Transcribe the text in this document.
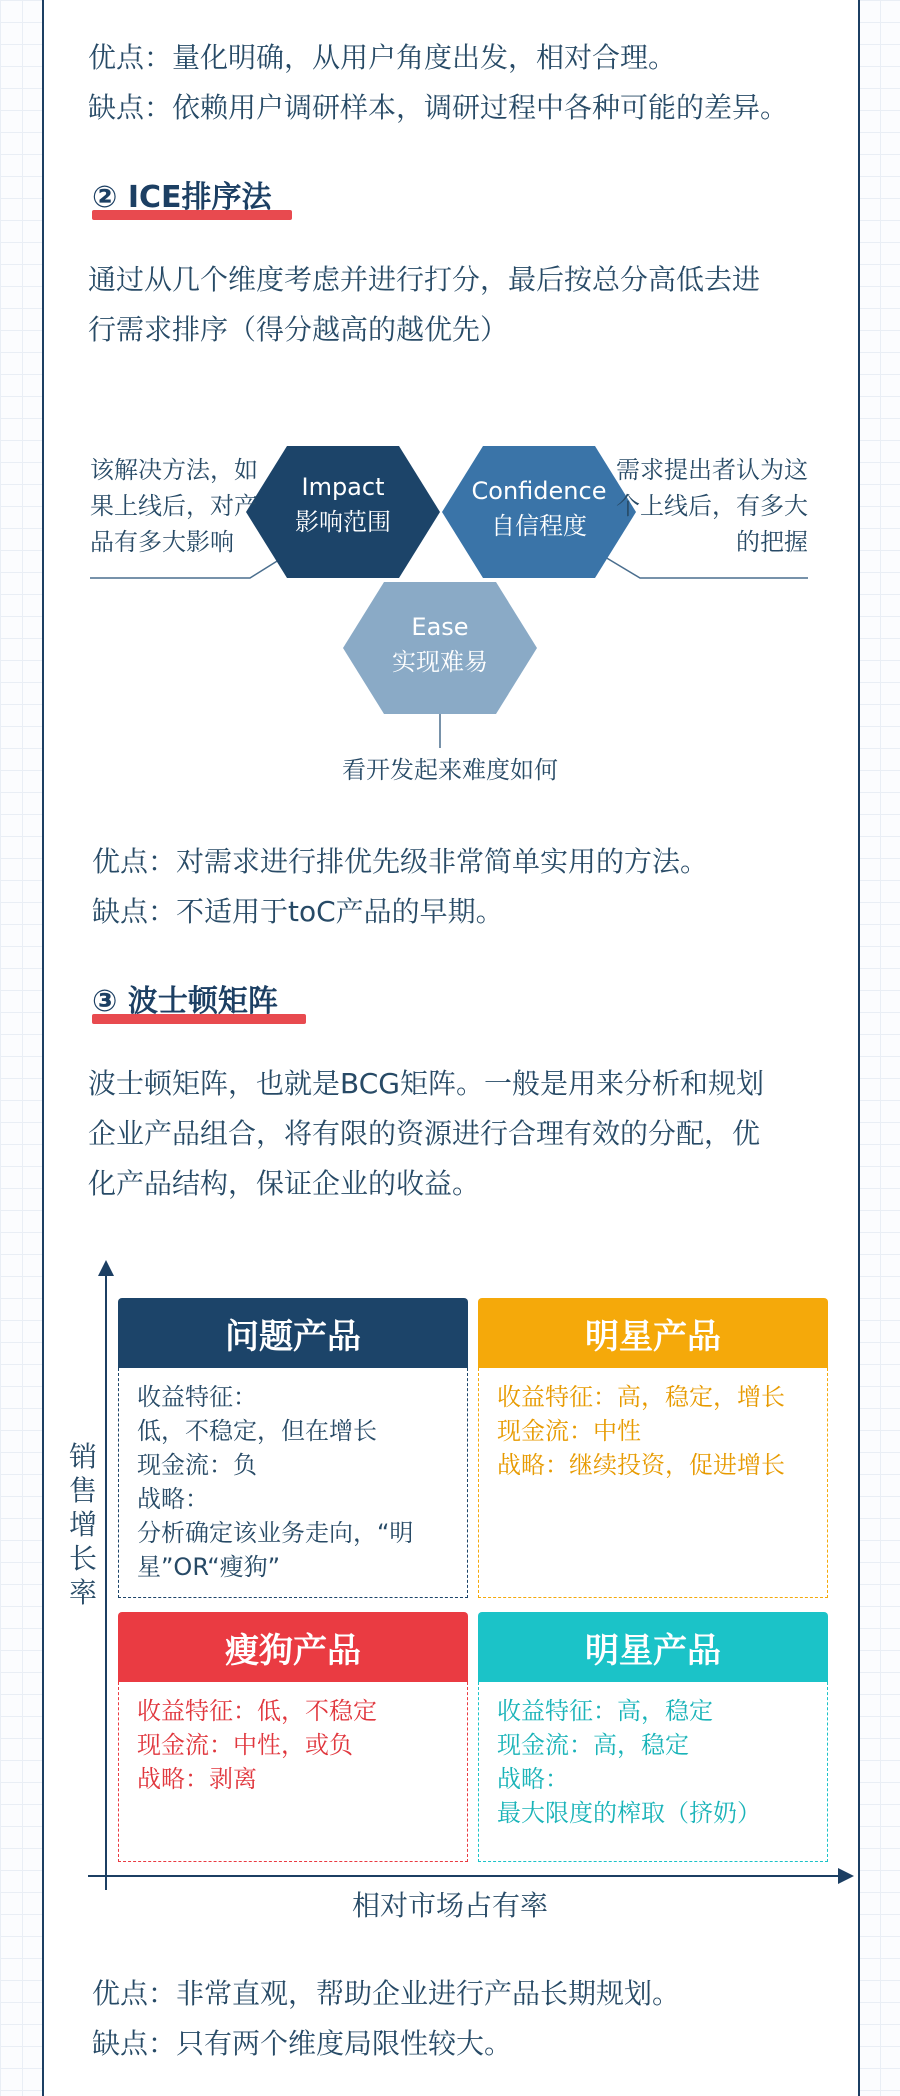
优点：量化明确，从用户角度出发，相对合理。

缺点：依赖用户调研样本，调研过程中各种可能的差异。

② ICE排序法

通过从几个维度考虑并进行打分，最后按总分高低去进

行需求排序（得分越高的越优先）

Impact
影响范围
Confidence
自信程度
Ease
实现难易
该解决方法，如
果上线后，对产
品有多大影响
需求提出者认为这
个上线后，有多大
的把握
看开发起来难度如何

优点：对需求进行排优先级非常简单实用的方法。

缺点：不适用于toC产品的早期。

③ 波士顿矩阵

波士顿矩阵，也就是BCG矩阵。一般是用来分析和规划

企业产品组合，将有限的资源进行合理有效的分配，优

化产品结构，保证企业的收益。

销售增长率
相对市场占有率
问题产品
收益特征：
低，不稳定，但在增长
现金流：负
战略：
分析确定该业务走向，“明
星”OR“瘦狗”
明星产品
收益特征：高，稳定，增长
现金流：中性
战略：继续投资，促进增长
瘦狗产品
收益特征：低，不稳定
现金流：中性，或负
战略：剥离
明星产品
收益特征：高，稳定
现金流：高，稳定
战略：
最大限度的榨取（挤奶）

优点：非常直观，帮助企业进行产品长期规划。

缺点：只有两个维度局限性较大。
